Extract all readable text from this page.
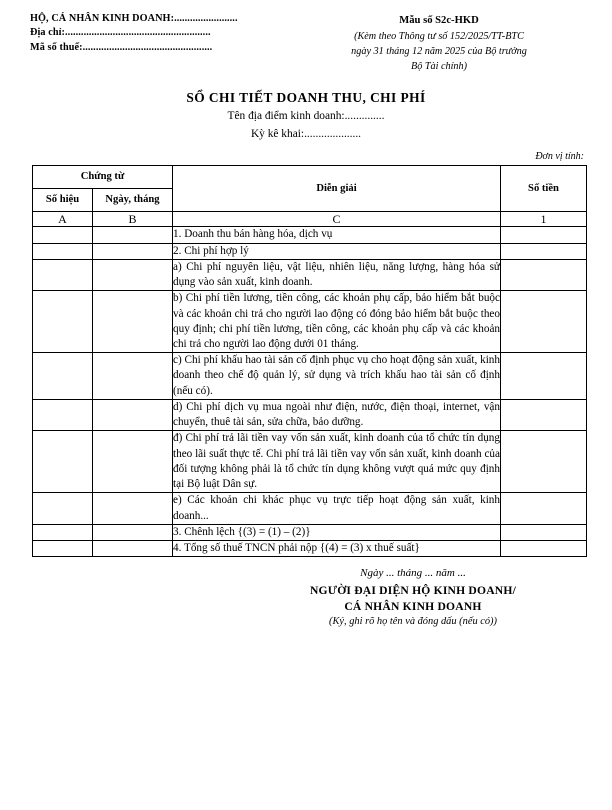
HỘ, CÁ NHÂN KINH DOANH:........................
Địa chỉ:.......................................................
Mã số thuế:.................................................
Mẫu số S2c-HKD
(Kèm theo Thông tư số 152/2025/TT-BTC
ngày 31 tháng 12 năm 2025 của Bộ trưởng
Bộ Tài chính)
SỔ CHI TIẾT DOANH THU, CHI PHÍ
Tên địa điểm kinh doanh:..............
Kỳ kê khai:....................
Đơn vị tính:
Chứng từ		Diễn giải	Số tiền
Số hiệu	Ngày, tháng		
A	B	C	1
		1. Doanh thu bán hàng hóa, dịch vụ	
		2. Chi phí hợp lý	
		a) Chi phí nguyên liệu, vật liệu, nhiên liệu, năng lượng, hàng hóa sử dụng vào sản xuất, kinh doanh.	
		b) Chi phí tiền lương, tiền công, các khoản phụ cấp, bảo hiểm bắt buộc và các khoản chi trả cho người lao động có đóng bảo hiểm bắt buộc theo quy định; chi phí tiền lương, tiền công, các khoản phụ cấp và các khoản chi trả cho người lao động dưới 01 tháng.	
		c) Chi phí khấu hao tài sản cố định phục vụ cho hoạt động sản xuất, kinh doanh theo chế độ quản lý, sử dụng và trích khấu hao tài sản cố định (nếu có).	
		d) Chi phí dịch vụ mua ngoài như điện, nước, điện thoại, internet, vận chuyển, thuê tài sản, sửa chữa, bảo dưỡng.	
		đ) Chi phí trả lãi tiền vay vốn sản xuất, kinh doanh của tổ chức tín dụng theo lãi suất thực tế. Chi phí trả lãi tiền vay vốn sản xuất, kinh doanh của đối tượng không phải là tổ chức tín dụng không vượt quá mức quy định tại Bộ luật Dân sự.	
		e) Các khoản chi khác phục vụ trực tiếp hoạt động sản xuất, kinh doanh...	
		3. Chênh lệch {(3) = (1) – (2)}	
		4. Tổng số thuế TNCN phải nộp {(4) = (3) x thuế suất}	
Ngày ... tháng ... năm ...
NGƯỜI ĐẠI DIỆN HỘ KINH DOANH/
CÁ NHÂN KINH DOANH
(Ký, ghi rõ họ tên và đóng dấu (nếu có))
